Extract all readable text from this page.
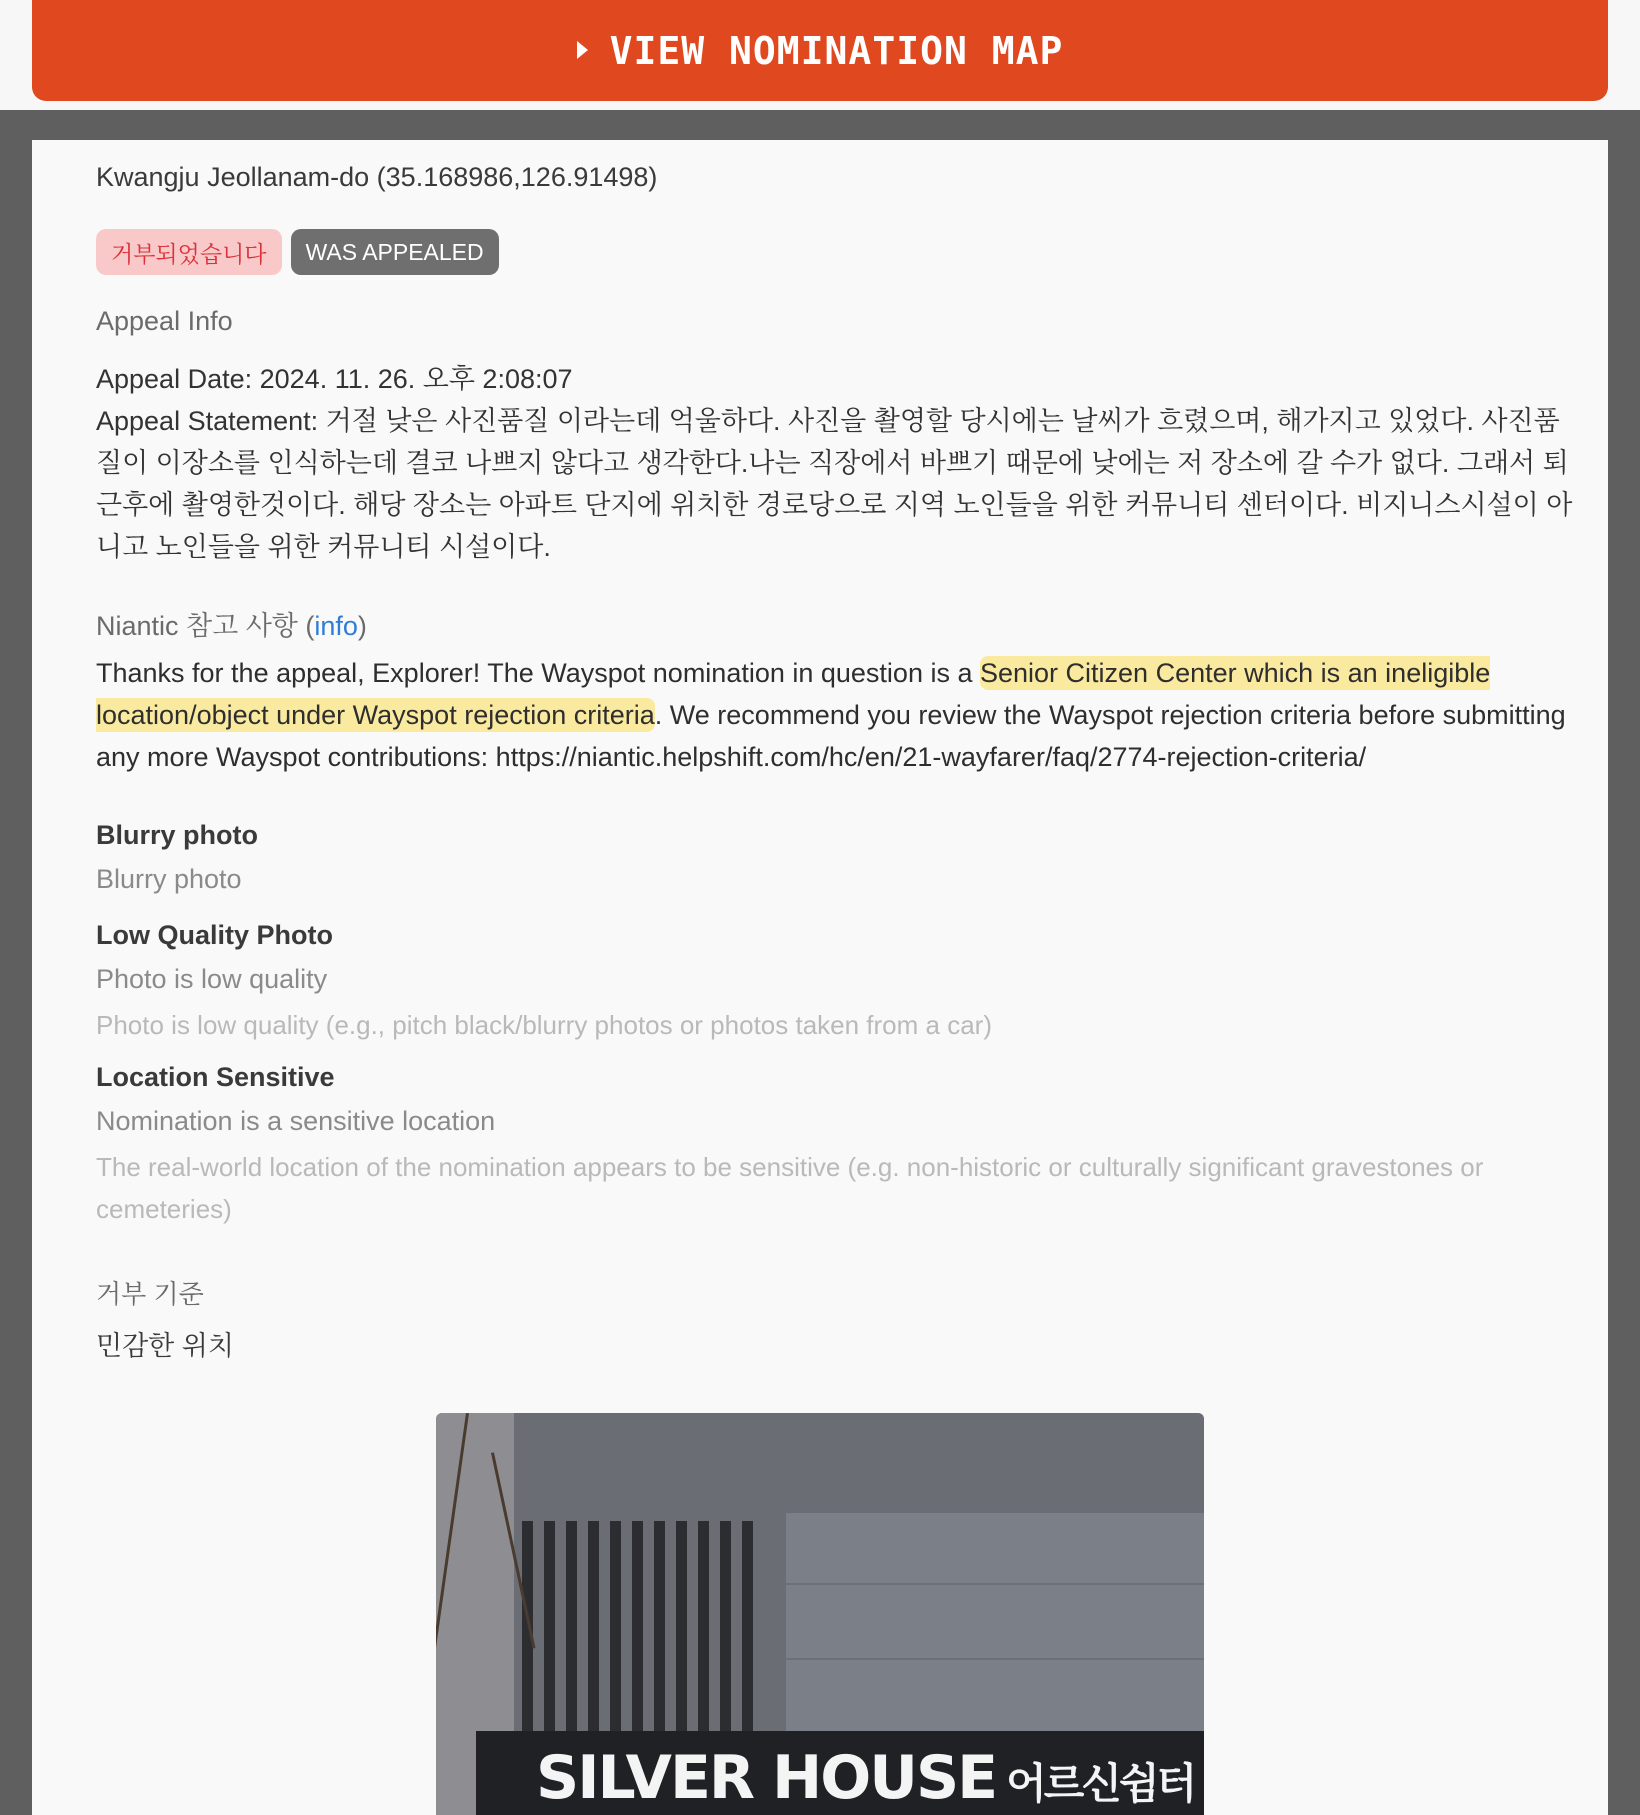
VIEW NOMINATION MAP
Kwangju Jeollanam-do (35.168986,126.91498)
거부되었습니다	WAS APPEALED
Appeal Info
Appeal Date: 2024. 11. 26. 오후 2:08:07
Appeal Statement: 거절 낮은 사진품질 이라는데 억울하다. 사진을 촬영할 당시에는 날씨가 흐렸으며, 해가지고 있었다. 사진품질이 이장소를 인식하는데 결코 나쁘지 않다고 생각한다.나는 직장에서 바쁘기 때문에 낮에는 저 장소에 갈 수가 없다. 그래서 퇴근후에 촬영한것이다. 해당 장소는 아파트 단지에 위치한 경로당으로 지역 노인들을 위한 커뮤니티 센터이다. 비지니스시설이 아니고 노인들을 위한 커뮤니티 시설이다.
Niantic 참고 사항 (info)
Thanks for the appeal, Explorer! The Wayspot nomination in question is a Senior Citizen Center which is an ineligible location/object under Wayspot rejection criteria. We recommend you review the Wayspot rejection criteria before submitting any more Wayspot contributions: https://niantic.helpshift.com/hc/en/21-wayfarer/faq/2774-rejection-criteria/
Blurry photo
Blurry photo
Low Quality Photo
Photo is low quality
Photo is low quality (e.g., pitch black/blurry photos or photos taken from a car)
Location Sensitive
Nomination is a sensitive location
The real-world location of the nomination appears to be sensitive (e.g. non-historic or culturally significant gravestones or cemeteries)
거부 기준
민감한 위치
SILVER HOUSE 어르신쉼터
